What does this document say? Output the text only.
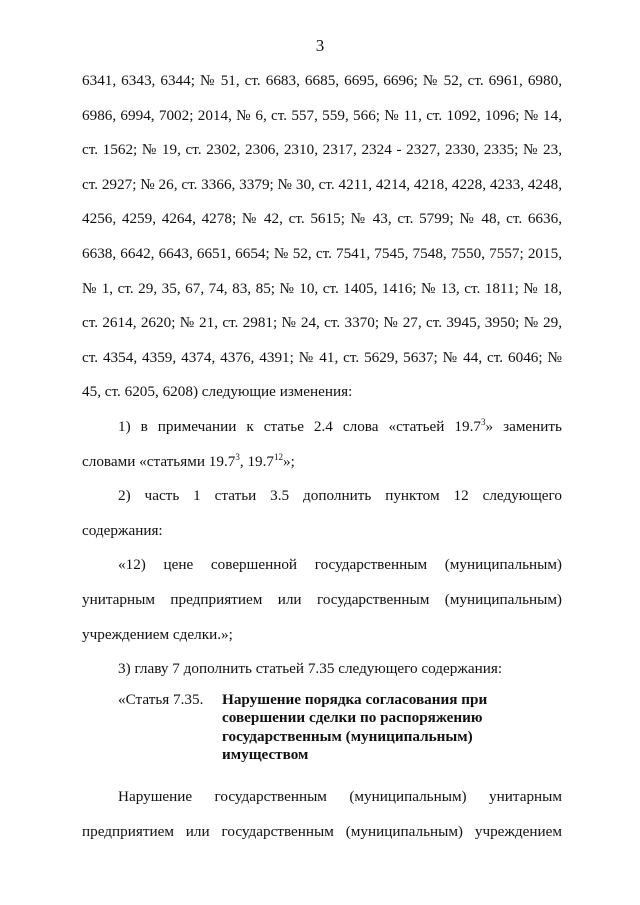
3

6341, 6343, 6344; № 51, ст. 6683, 6685, 6695, 6696; № 52, ст. 6961, 6980, 6986, 6994, 7002; 2014, № 6, ст. 557, 559, 566; № 11, ст. 1092, 1096; № 14, ст. 1562; № 19, ст. 2302, 2306, 2310, 2317, 2324 - 2327, 2330, 2335; № 23, ст. 2927; № 26, ст. 3366, 3379; № 30, ст. 4211, 4214, 4218, 4228, 4233, 4248, 4256, 4259, 4264, 4278; № 42, ст. 5615; № 43, ст. 5799; № 48, ст. 6636, 6638, 6642, 6643, 6651, 6654; № 52, ст. 7541, 7545, 7548, 7550, 7557; 2015, № 1, ст. 29, 35, 67, 74, 83, 85; № 10, ст. 1405, 1416; № 13, ст. 1811; № 18, ст. 2614, 2620; № 21, ст. 2981; № 24, ст. 3370; № 27, ст. 3945, 3950; № 29, ст. 4354, 4359, 4374, 4376, 4391; № 41, ст. 5629, 5637; № 44, ст. 6046; № 45, ст. 6205, 6208) следующие изменения:

1) в примечании к статье 2.4 слова «статьей 19.7$^3$» заменить словами «статьями 19.7$^3$, 19.7$^{12}$»;

2) часть 1 статьи 3.5 дополнить пунктом 12 следующего содержания:

«12) цене совершенной государственным (муниципальным) унитарным предприятием или государственным (муниципальным) учреждением сделки.»;

3) главу 7 дополнить статьей 7.35 следующего содержания:

«Статья 7.35.	Нарушение порядка согласования при
совершении сделки по распоряжению
государственным (муниципальным) имуществом

Нарушение государственным (муниципальным) унитарным предприятием или государственным (муниципальным) учреждением
